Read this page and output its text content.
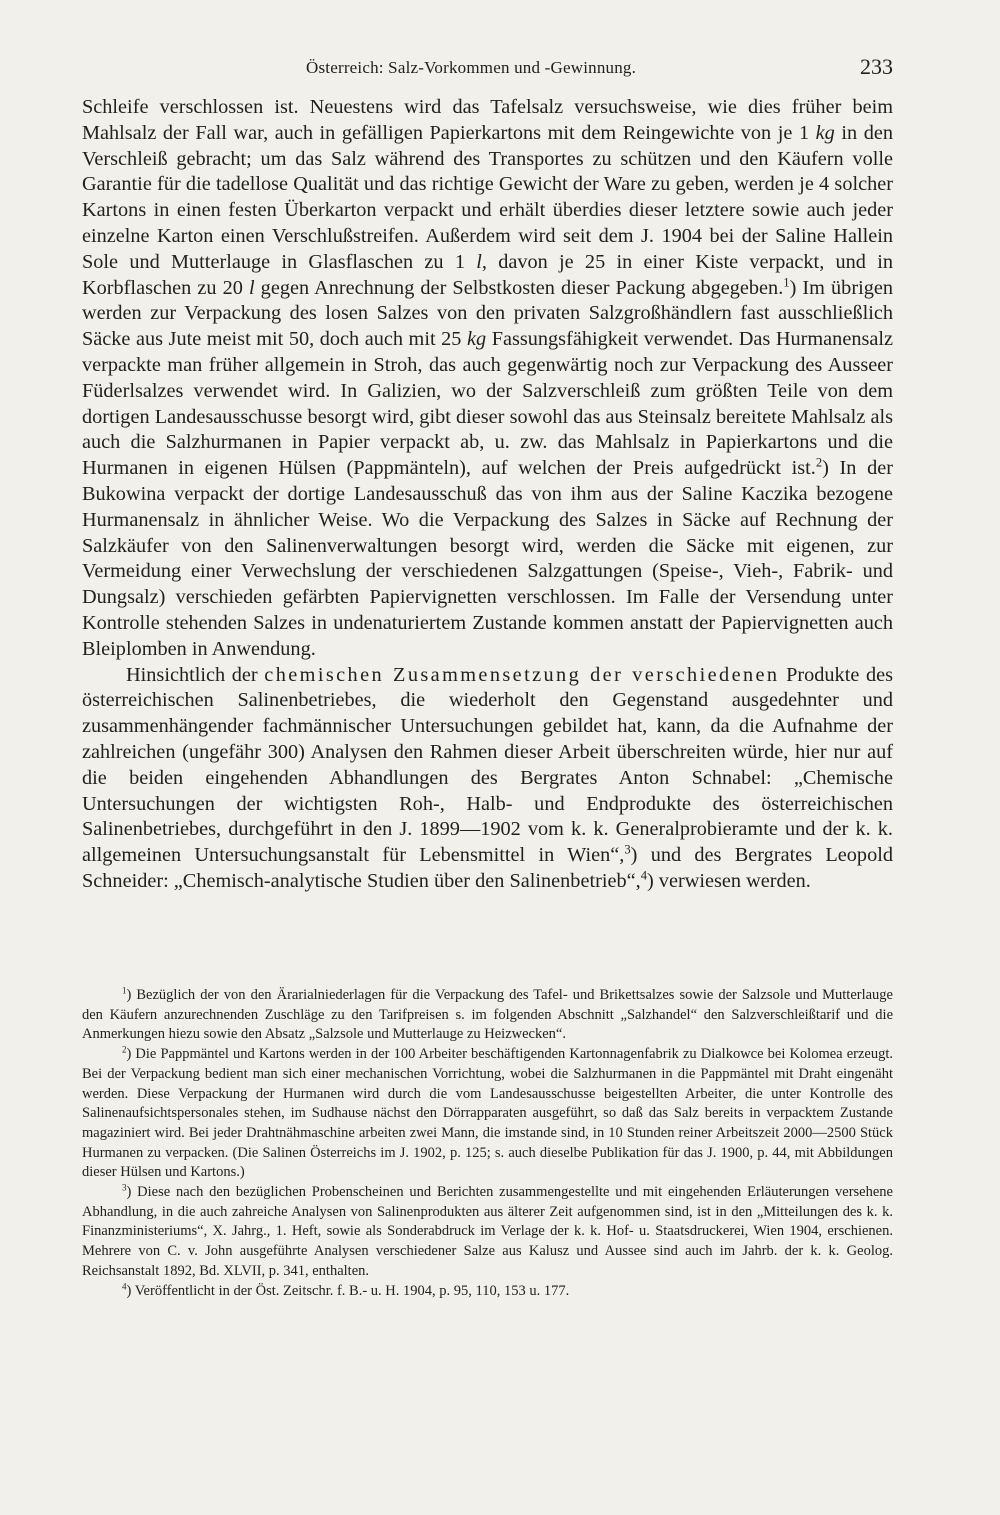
Österreich: Salz-Vorkommen und -Gewinnung.	233

Schleife verschlossen ist. Neuestens wird das Tafelsalz versuchsweise, wie dies früher beim Mahlsalz der Fall war, auch in gefälligen Papierkartons mit dem Reingewichte von je 1 kg in den Verschleiß gebracht; um das Salz während des Transportes zu schützen und den Käufern volle Garantie für die tadellose Qualität und das richtige Gewicht der Ware zu geben, werden je 4 solcher Kartons in einen festen Überkarton verpackt und erhält überdies dieser letztere sowie auch jeder einzelne Karton einen Verschlußstreifen. Außerdem wird seit dem J. 1904 bei der Saline Hallein Sole und Mutterlauge in Glasflaschen zu 1 l, davon je 25 in einer Kiste verpackt, und in Korbflaschen zu 20 l gegen Anrechnung der Selbstkosten dieser Packung abgegeben.$^1$) Im übrigen werden zur Verpackung des losen Salzes von den privaten Salzgroßhändlern fast ausschließlich Säcke aus Jute meist mit 50, doch auch mit 25 kg Fassungsfähigkeit verwendet. Das Hurmanensalz verpackte man früher allgemein in Stroh, das auch gegenwärtig noch zur Verpackung des Ausseer Füderlsalzes verwendet wird. In Galizien, wo der Salzverschleiß zum größten Teile von dem dortigen Landesausschusse besorgt wird, gibt dieser sowohl das aus Steinsalz bereitete Mahlsalz als auch die Salzhurmanen in Papier verpackt ab, u. zw. das Mahlsalz in Papierkartons und die Hurmanen in eigenen Hülsen (Pappmänteln), auf welchen der Preis aufgedrückt ist.$^2$) In der Bukowina verpackt der dortige Landesausschuß das von ihm aus der Saline Kaczika bezogene Hurmanensalz in ähnlicher Weise. Wo die Verpackung des Salzes in Säcke auf Rechnung der Salzkäufer von den Salinenverwaltungen besorgt wird, werden die Säcke mit eigenen, zur Vermeidung einer Verwechslung der verschiedenen Salzgattungen (Speise-, Vieh-, Fabrik- und Dungsalz) verschieden gefärbten Papiervignetten verschlossen. Im Falle der Versendung unter Kontrolle stehenden Salzes in undenaturiertem Zustande kommen anstatt der Papiervignetten auch Bleiplomben in Anwendung.

Hinsichtlich der chemischen Zusammensetzung der verschiedenen Produkte des österreichischen Salinenbetriebes, die wiederholt den Gegenstand ausgedehnter und zusammenhängender fachmännischer Untersuchungen gebildet hat, kann, da die Aufnahme der zahlreichen (ungefähr 300) Analysen den Rahmen dieser Arbeit überschreiten würde, hier nur auf die beiden eingehenden Abhandlungen des Bergrates Anton Schnabel: „Chemische Untersuchungen der wichtigsten Roh-, Halb- und Endprodukte des österreichischen Salinenbetriebes, durchgeführt in den J. 1899—1902 vom k. k. Generalprobieramte und der k. k. allgemeinen Untersuchungsanstalt für Lebensmittel in Wien“,$^3$) und des Bergrates Leopold Schneider: „Chemisch-analytische Studien über den Salinenbetrieb“,$^4$) verwiesen werden.

$^1$) Bezüglich der von den Ärarialniederlagen für die Verpackung des Tafel- und Brikettsalzes sowie der Salzsole und Mutterlauge den Käufern anzurechnenden Zuschläge zu den Tarifpreisen s. im folgenden Abschnitt „Salzhandel“ den Salzverschleißtarif und die Anmerkungen hiezu sowie den Absatz „Salzsole und Mutterlauge zu Heizwecken“.

$^2$) Die Pappmäntel und Kartons werden in der 100 Arbeiter beschäftigenden Kartonnagenfabrik zu Dialkowce bei Kolomea erzeugt. Bei der Verpackung bedient man sich einer mechanischen Vorrichtung, wobei die Salzhurmanen in die Pappmäntel mit Draht eingenäht werden. Diese Verpackung der Hurmanen wird durch die vom Landesausschusse beigestellten Arbeiter, die unter Kontrolle des Salinenaufsichtspersonales stehen, im Sudhause nächst den Dörrapparaten ausgeführt, so daß das Salz bereits in verpacktem Zustande magaziniert wird. Bei jeder Drahtnähmaschine arbeiten zwei Mann, die imstande sind, in 10 Stunden reiner Arbeitszeit 2000—2500 Stück Hurmanen zu verpacken. (Die Salinen Österreichs im J. 1902, p. 125; s. auch dieselbe Publikation für das J. 1900, p. 44, mit Abbildungen dieser Hülsen und Kartons.)

$^3$) Diese nach den bezüglichen Probenscheinen und Berichten zusammengestellte und mit eingehenden Erläuterungen versehene Abhandlung, in die auch zahreiche Analysen von Salinenprodukten aus älterer Zeit aufgenommen sind, ist in den „Mitteilungen des k. k. Finanzministeriums“, X. Jahrg., 1. Heft, sowie als Sonderabdruck im Verlage der k. k. Hof- u. Staatsdruckerei, Wien 1904, erschienen. Mehrere von C. v. John ausgeführte Analysen verschiedener Salze aus Kalusz und Aussee sind auch im Jahrb. der k. k. Geolog. Reichsanstalt 1892, Bd. XLVII, p. 341, enthalten.

$^4$) Veröffentlicht in der Öst. Zeitschr. f. B.- u. H. 1904, p. 95, 110, 153 u. 177.
